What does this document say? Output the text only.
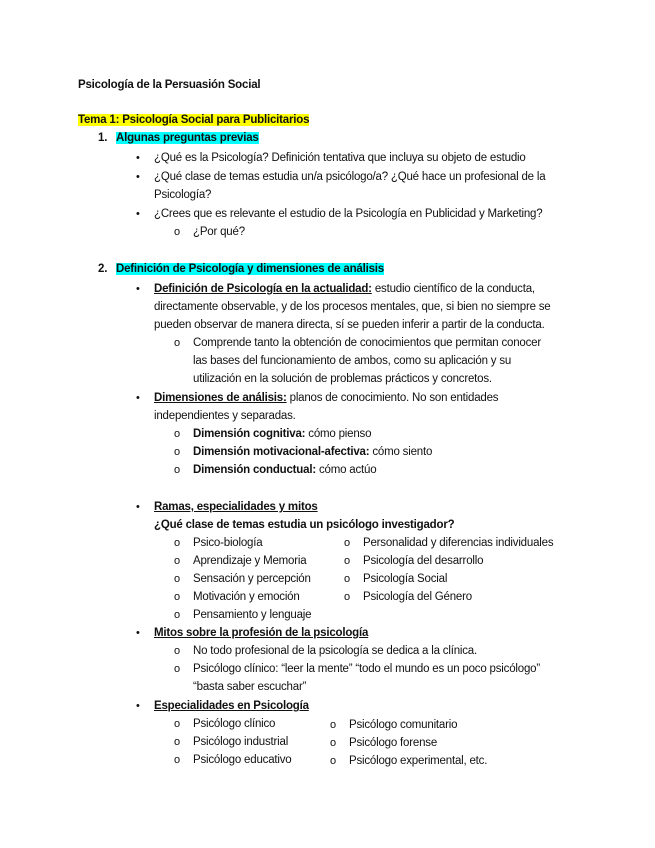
Psicología de la Persuasión Social
Tema 1: Psicología Social para Publicitarios
1. Algunas preguntas previas
• ¿Qué es la Psicología? Definición tentativa que incluya su objeto de estudio
• ¿Qué clase de temas estudia un/a psicólogo/a? ¿Qué hace un profesional de la
Psicología?
• ¿Crees que es relevante el estudio de la Psicología en Publicidad y Marketing?
o ¿Por qué?
2. Definición de Psicología y dimensiones de análisis
• Definición de Psicología en la actualidad: estudio científico de la conducta,
directamente observable, y de los procesos mentales, que, si bien no siempre se
pueden observar de manera directa, sí se pueden inferir a partir de la conducta.
o Comprende tanto la obtención de conocimientos que permitan conocer
las bases del funcionamiento de ambos, como su aplicación y su
utilización en la solución de problemas prácticos y concretos.
• Dimensiones de análisis: planos de conocimiento. No son entidades
independientes y separadas.
o Dimensión cognitiva: cómo pienso
o Dimensión motivacional-afectiva: cómo siento
o Dimensión conductual: cómo actúo
• Ramas, especialidades y mitos
¿Qué clase de temas estudia un psicólogo investigador?
o Psico-biología
o Aprendizaje y Memoria
o Sensación y percepción
o Motivación y emoción
o Pensamiento y lenguaje
o Personalidad y diferencias individuales
o Psicología del desarrollo
o Psicología Social
o Psicología del Género
• Mitos sobre la profesión de la psicología
o No todo profesional de la psicología se dedica a la clínica.
o Psicólogo clínico: “leer la mente” “todo el mundo es un poco psicólogo”
“basta saber escuchar”
• Especialidades en Psicología
o Psicólogo clínico
o Psicólogo industrial
o Psicólogo educativo
o Psicólogo comunitario
o Psicólogo forense
o Psicólogo experimental, etc.
